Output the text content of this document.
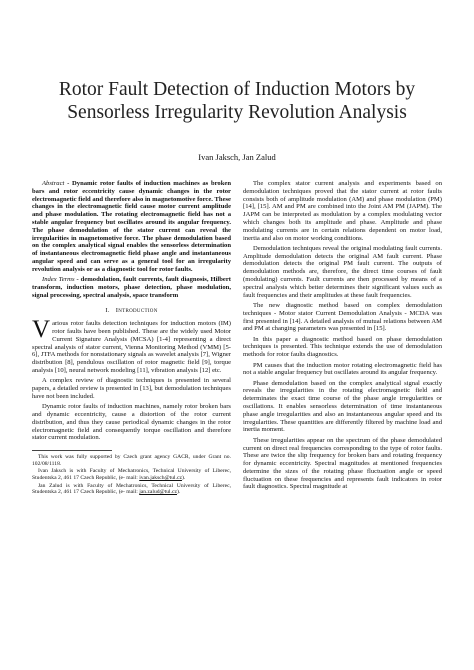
Rotor Fault Detection of Induction Motors by Sensorless Irregularity Revolution Analysis
Ivan Jaksch, Jan Zalud

Abstract - Dynamic rotor faults of induction machines as broken bars and rotor eccentricity cause dynamic changes in the rotor electromagnetic field and therefore also in magnetomotive force. These changes in the electromagnetic field cause motor current amplitude and phase modulation. The rotating electromagnetic field has not a stable angular frequency but oscillates around its angular frequency. The phase demodulation of the stator current can reveal the irregularities in magnetomotive force. The phase demodulation based on the complex analytical signal enables the sensorless determination of instantaneous electromagnetic field phase angle and instantaneous angular speed and can serve as a general tool for an irregularity revolution analysis or as a diagnostic tool for rotor faults.

Index Terms - demodulation, fault currents, fault diagnosis, Hilbert transform, induction motors, phase detection, phase modulation, signal processing, spectral analysis, space transform

I. Introduction

Various rotor faults detection techniques for induction motors (IM) rotor faults have been published. These are the widely used Motor Current Signature Analysis (MCSA) [1-4] representing a direct spectral analysis of stator current, Vienna Monitoring Method (VMM) [5-6], JTFA methods for nonstationary signals as wavelet analysis [7], Wigner distribution [8], pendulous oscillation of rotor magnetic field [9], torque analysis [10], neural network modeling [11], vibration analysis [12] etc.

A complex review of diagnostic techniques is presented in several papers, a detailed review is presented in [13], but demodulation techniques have not been included.

Dynamic rotor faults of induction machines, namely rotor broken bars and dynamic eccentricity, cause a distortion of the rotor current distribution, and thus they cause periodical dynamic changes in the rotor electromagnetic field and consequently torque oscillation and therefore stator current modulation.

This work was fully supported by Czech grant agency GACR, under Grant no. 102/08/1118.

Ivan Jaksch is with Faculty of Mechatronics, Technical University of Liberec, Studentska 2, 461 17 Czech Republic, (e- mail: ivan.jaksch@tul.cz).

Jan Zalud is with Faculty of Mechatronics, Technical University of Liberec, Studentska 2, 461 17 Czech Republic, (e- mail: jan.zalud@tul.cz).

The complex stator current analysis and experiments based on demodulation techniques proved that the stator current at rotor faults consists both of amplitude modulation (AM) and phase modulation (PM) [14], [15]. AM and PM are combined into the Joint AM PM (JAPM). The JAPM can be interpreted as modulation by a complex modulating vector which changes both its amplitude and phase. Amplitude and phase modulating currents are in certain relations dependent on motor load, inertia and also on motor working conditions.

Demodulation techniques reveal the original modulating fault currents. Amplitude demodulation detects the original AM fault current. Phase demodulation detects the original PM fault current. The outputs of demodulation methods are, therefore, the direct time courses of fault (modulating) currents. Fault currents are then processed by means of a spectral analysis which better determines their significant values such as fault frequencies and their amplitudes at these fault frequencies.

The new diagnostic method based on complex demodulation techniques - Motor stator Current Demodulation Analysis - MCDA was first presented in [14]. A detailed analysis of mutual relations between AM and PM at changing parameters was presented in [15].

In this paper a diagnostic method based on phase demodulation techniques is presented. This technique extends the use of demodulation methods for rotor faults diagnostics.

PM causes that the induction motor rotating electromagnetic field has not a stable angular frequency but oscillates around its angular frequency.

Phase demodulation based on the complex analytical signal exactly reveals the irregularities in the rotating electromagnetic field and determinates the exact time course of the phase angle irregularities or oscillations. It enables sensorless determination of time instantaneous phase angle irregularities and also an instantaneous angular speed and its irregularities. These quantities are differently filtered by machine load and inertia moment.

These irregularities appear on the spectrum of the phase demodulated current on direct real frequencies corresponding to the type of rotor faults. These are twice the slip frequency for broken bars and rotating frequency for dynamic eccentricity. Spectral magnitudes at mentioned frequencies determine the sizes of the rotating phase fluctuation angle or speed fluctuation on these frequencies and represents fault indicators in rotor fault diagnostics. Spectral magnitude at
